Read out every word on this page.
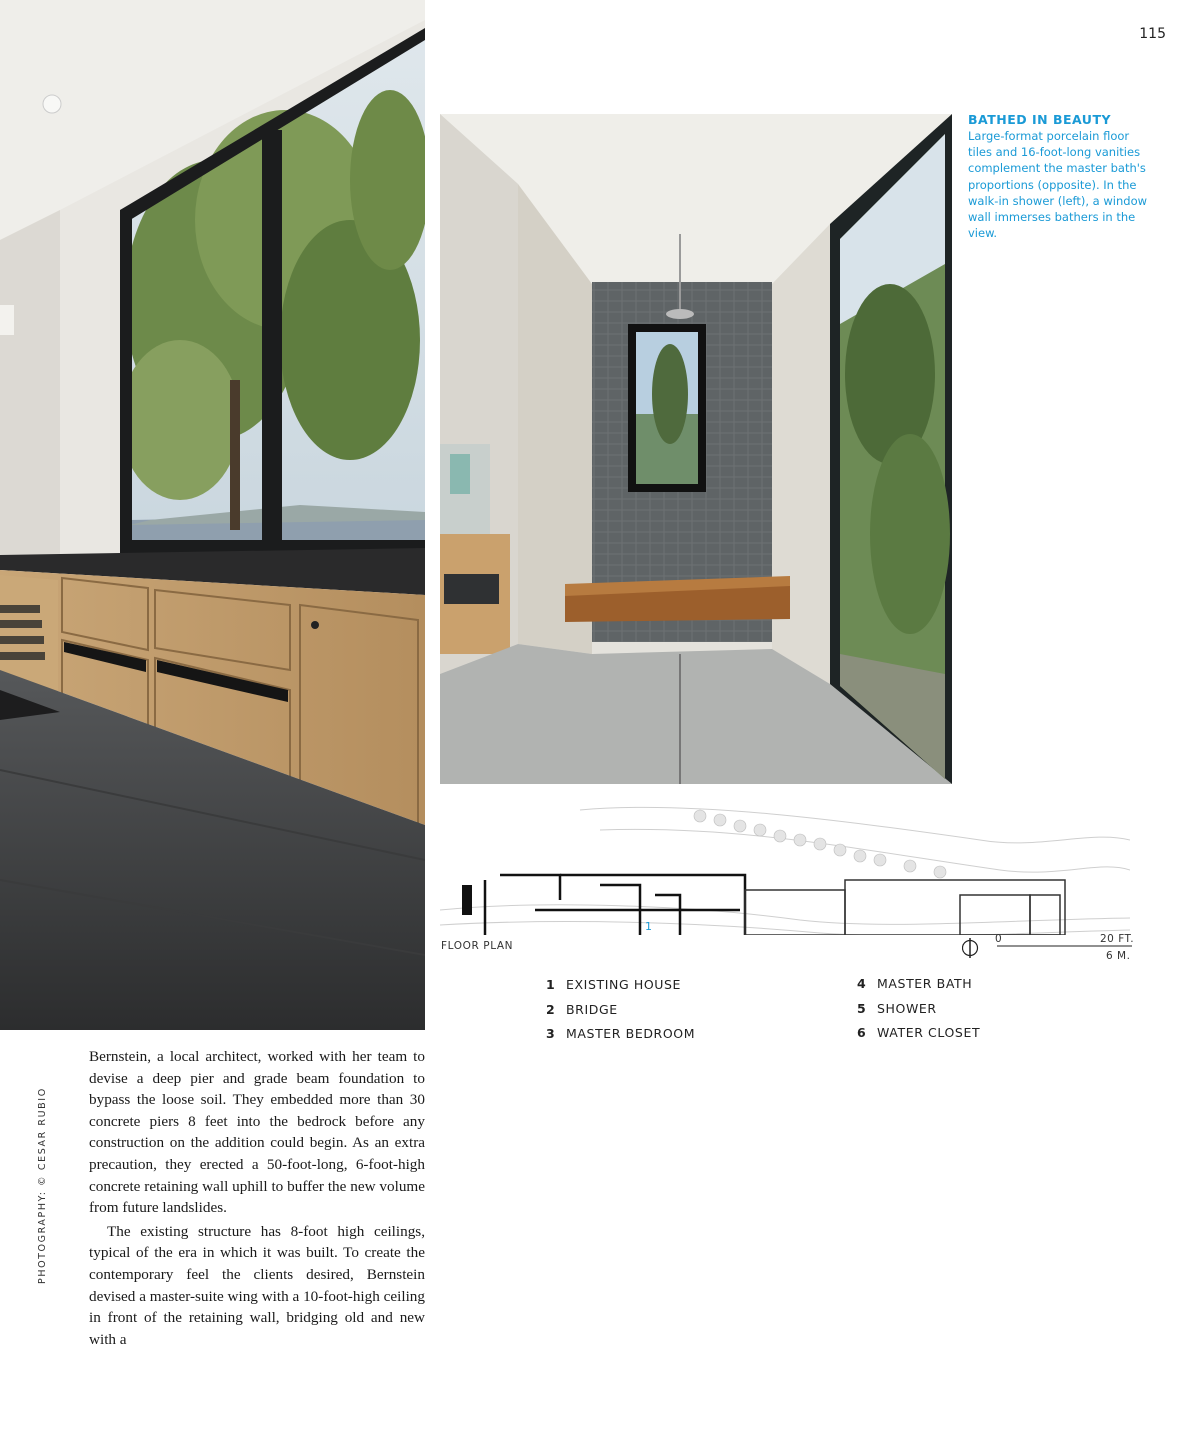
115
BATHED IN BEAUTY
Large-format porcelain floor tiles and 16-foot-long vanities complement the master bath's proportions (opposite). In the walk-in shower (left), a window wall immerses bathers in the view.

Bernstein, a local architect, worked with her team to devise a deep pier and grade beam foundation to bypass the loose soil. They embedded more than 30 concrete piers 8 feet into the bedrock before any construction on the addition could begin. As an extra precaution, they erected a 50-foot-long, 6-foot-high concrete retaining wall uphill to buffer the new volume from future landslides.

The existing structure has 8-foot high ceilings, typical of the era in which it was built. To create the contemporary feel the clients desired, Bernstein devised a master-suite wing with a 10-foot-high ceiling in front of the retaining wall, bridging old and new with a

PHOTOGRAPHY: © CESAR RUBIO
1
FLOOR PLAN
0	20 FT.
6 M.
1 EXISTING HOUSE
2 BRIDGE
3 MASTER BEDROOM
4 MASTER BATH
5 SHOWER
6 WATER CLOSET
